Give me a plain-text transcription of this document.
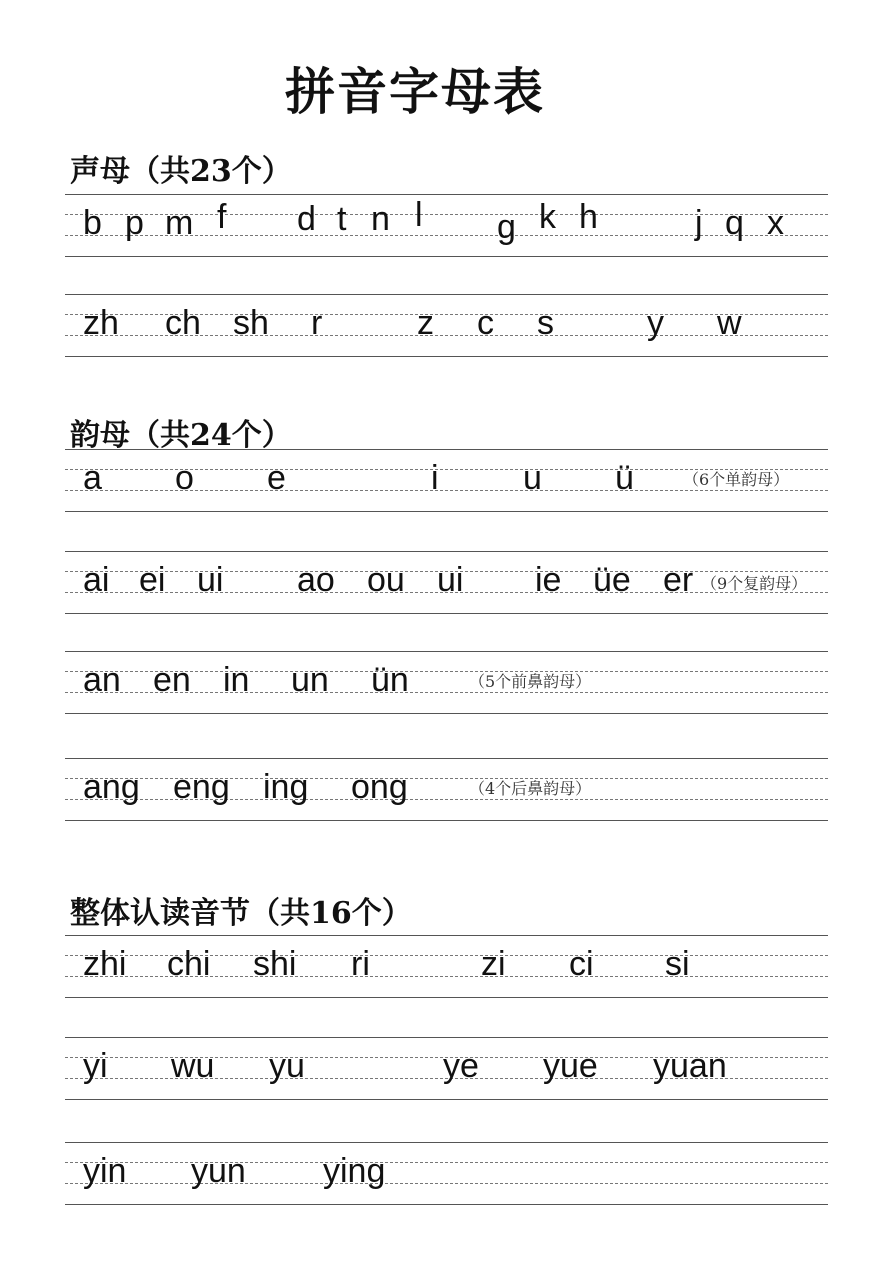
拼音字母表
声母（共23个）
b p m f d t n l g k h	j q x
zh ch sh r	z c s	y w
韵母（共24个）
a o e	i u ü	（6个单韵母）
ai ei ui ao ou ui ie üe er （9个复韵母）
an en in un ün	（5个前鼻韵母）
ang eng ing ong	（4个后鼻韵母）
整体认读音节（共16个）
zhi chi shi ri	zi ci si
yi wu yu	ye yue yuan
yin yun ying
